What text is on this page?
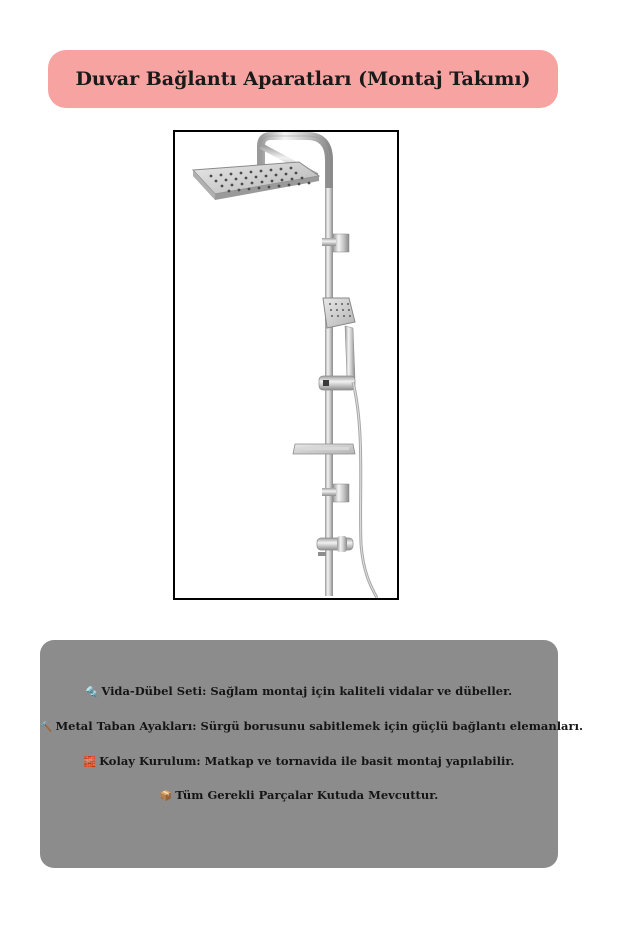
Duvar Bağlantı Aparatları (Montaj Takımı)
🔩 Vida-Dübel Seti: Sağlam montaj için kaliteli vidalar ve dübeller.
🔨 Metal Taban Ayakları: Sürgü borusunu sabitlemek için güçlü bağlantı elemanları.
🧱 Kolay Kurulum: Matkap ve tornavida ile basit montaj yapılabilir.
📦 Tüm Gerekli Parçalar Kutuda Mevcuttur.
